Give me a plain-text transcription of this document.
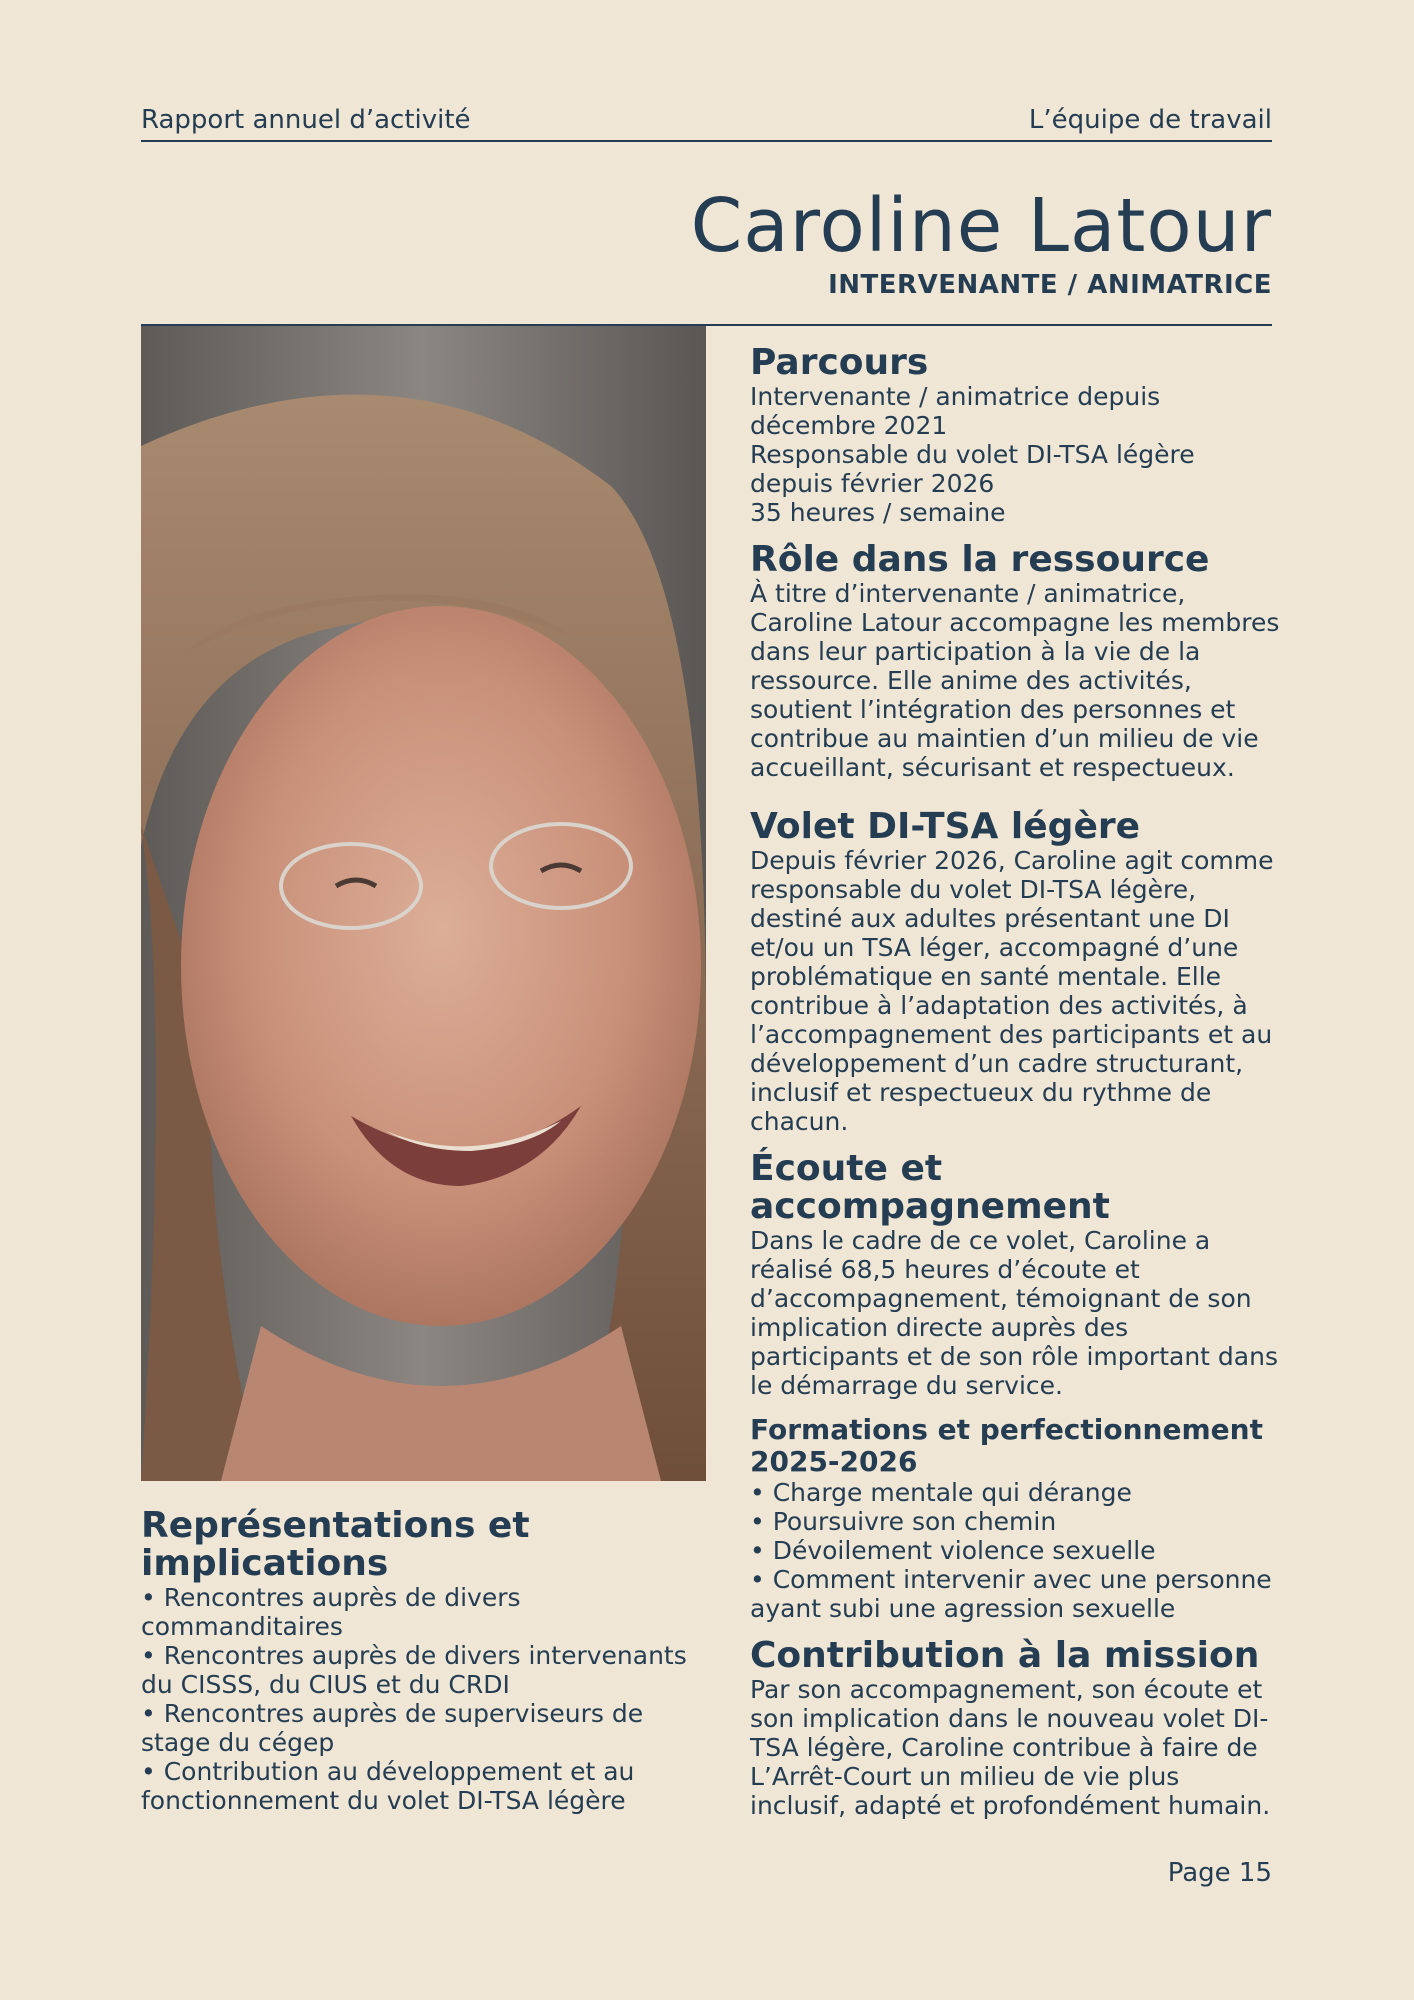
Rapport annuel d’activité	L’équipe de travail
Caroline Latour
INTERVENANTE / ANIMATRICE
Parcours

Intervenante / animatrice depuis décembre 2021

Responsable du volet DI-TSA légère depuis février 2026

35 heures / semaine

Rôle dans la ressource

À titre d’intervenante / animatrice, Caroline Latour accompagne les membres dans leur participation à la vie de la ressource. Elle anime des activités, soutient l’intégration des personnes et contribue au maintien d’un milieu de vie accueillant, sécurisant et respectueux.

Volet DI-TSA légère

Depuis février 2026, Caroline agit comme responsable du volet DI-TSA légère, destiné aux adultes présentant une DI et/ou un TSA léger, accompagné d’une problématique en santé mentale. Elle contribue à l’adaptation des activités, à l’accompagnement des participants et au développement d’un cadre structurant, inclusif et respectueux du rythme de chacun.

Écoute et accompagnement

Dans le cadre de ce volet, Caroline a réalisé 68,5 heures d’écoute et d’accompagnement, témoignant de son implication directe auprès des participants et de son rôle important dans le démarrage du service.

Formations et perfectionnement 2025-2026

• Charge mentale qui dérange

• Poursuivre son chemin

• Dévoilement violence sexuelle

• Comment intervenir avec une personne ayant subi une agression sexuelle

Contribution à la mission

Par son accompagnement, son écoute et son implication dans le nouveau volet DI-TSA légère, Caroline contribue à faire de L’Arrêt-Court un milieu de vie plus inclusif, adapté et profondément humain.

Représentations et implications

• Rencontres auprès de divers commanditaires

• Rencontres auprès de divers intervenants du CISSS, du CIUS et du CRDI

• Rencontres auprès de superviseurs de stage du cégep

• Contribution au développement et au fonctionnement du volet DI-TSA légère

Page 15
